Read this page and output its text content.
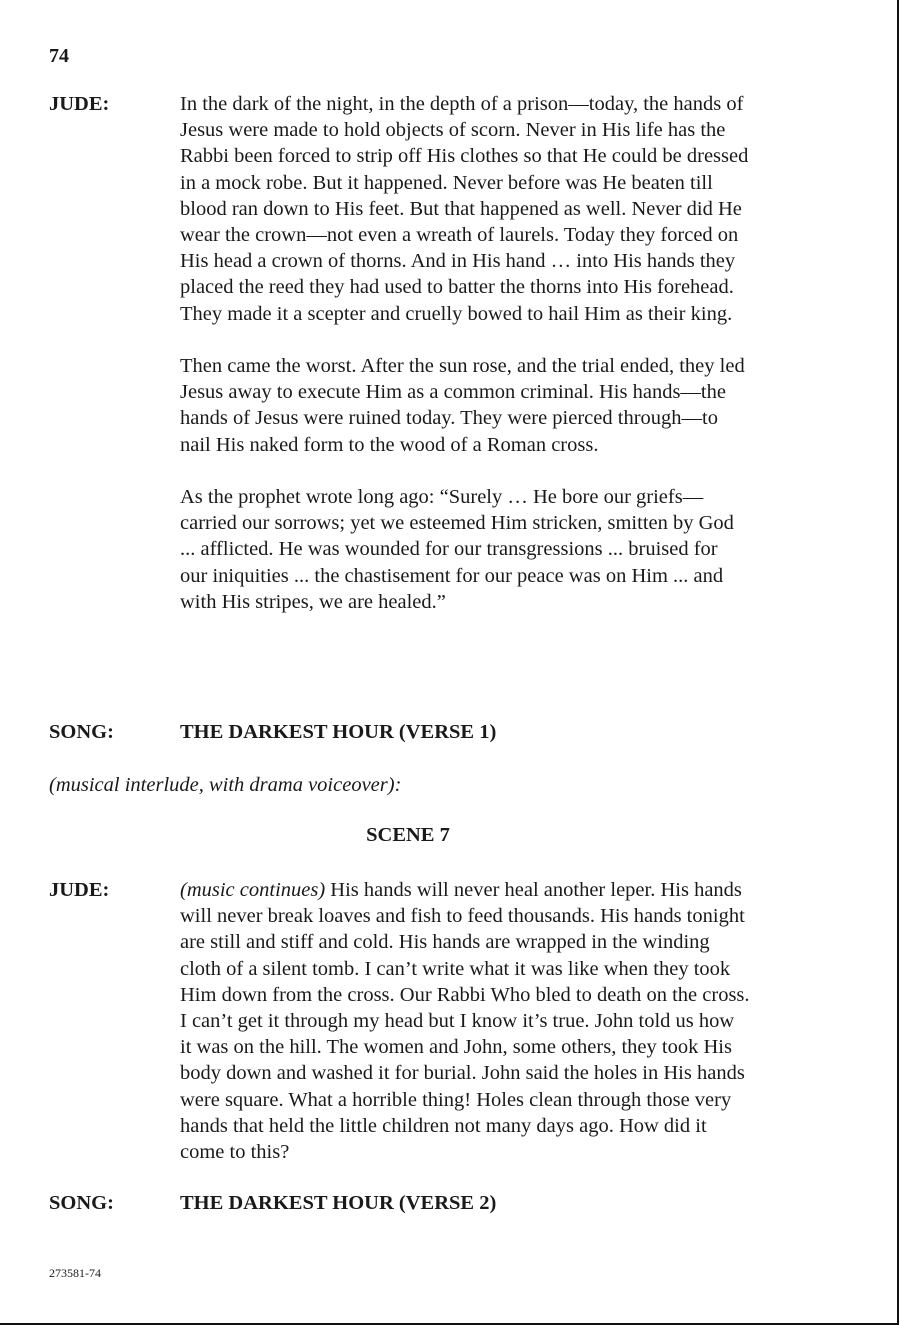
74
JUDE:	In the dark of the night, in the depth of a prison—today, the hands of Jesus were made to hold objects of scorn. Never in His life has the Rabbi been forced to strip off His clothes so that He could be dressed in a mock robe. But it happened. Never before was He beaten till blood ran down to His feet. But that happened as well. Never did He wear the crown—not even a wreath of laurels. Today they forced on His head a crown of thorns. And in His hand … into His hands they placed the reed they had used to batter the thorns into His forehead. They made it a scepter and cruelly bowed to hail Him as their king.

Then came the worst. After the sun rose, and the trial ended, they led Jesus away to execute Him as a common criminal. His hands—the hands of Jesus were ruined today. They were pierced through—to nail His naked form to the wood of a Roman cross.

As the prophet wrote long ago: “Surely … He bore our griefs—carried our sorrows; yet we esteemed Him stricken, smitten by God ... afflicted. He was wounded for our transgressions ... bruised for our iniquities ... the chastisement for our peace was on Him ... and with His stripes, we are healed.”

SONG:	THE DARKEST HOUR (VERSE 1)
(musical interlude, with drama voiceover):
SCENE 7
JUDE:	(music continues) His hands will never heal another leper. His hands will never break loaves and fish to feed thousands. His hands tonight are still and stiff and cold. His hands are wrapped in the winding cloth of a silent tomb. I can’t write what it was like when they took Him down from the cross. Our Rabbi Who bled to death on the cross. I can’t get it through my head but I know it’s true. John told us how it was on the hill. The women and John, some others, they took His body down and washed it for burial. John said the holes in His hands were square. What a horrible thing! Holes clean through those very hands that held the little children not many days ago. How did it come to this?

SONG:	THE DARKEST HOUR (VERSE 2)
273581-74
